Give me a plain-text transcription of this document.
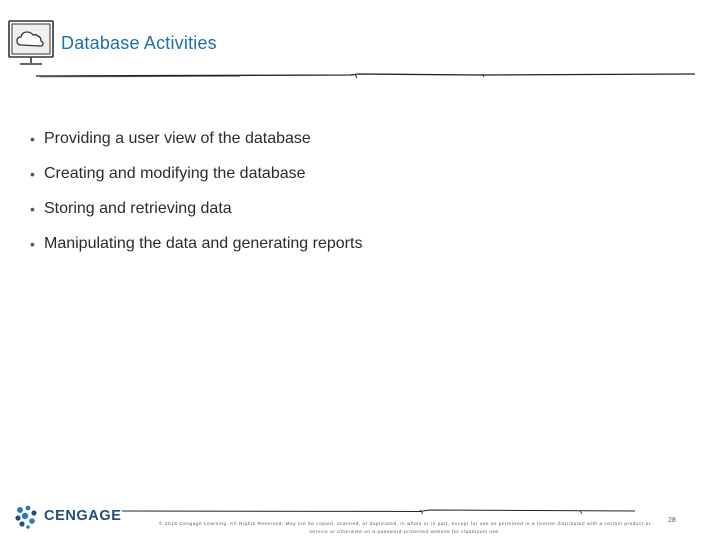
Database Activities
• Providing a user view of the database
• Creating and modifying the database
• Storing and retrieving data
• Manipulating the data and generating reports
CENGAGE	© 2018 Cengage Learning. All Rights Reserved. May not be copied, scanned, or duplicated, in whole or in part, except for use as permitted in a license distributed with a certain product or service or otherwise on a password-protected website for classroom use.
28
